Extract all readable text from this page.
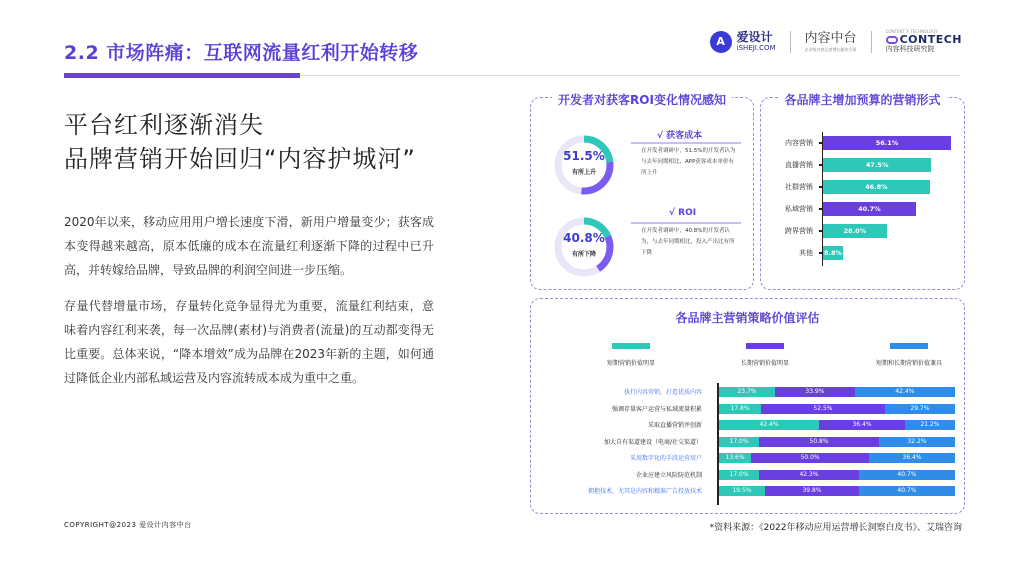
2.2 市场阵痛：互联网流量红利开始转移
A 爱设计
iSHEJI.COM
内容中台
企业级内容运营增长解决方案
CONTENT X TECHNOLOGY
CONTECH
内容科技研究院
平台红利逐渐消失
品牌营销开始回归“内容护城河”
2020年以来，移动应用用户增长速度下滑，新用户增量变少；获客成本变得越来越高，原本低廉的成本在流量红利逐渐下降的过程中已升高，并转嫁给品牌，导致品牌的利润空间进一步压缩。
存量代替增量市场，存量转化竞争显得尤为重要，流量红利结束，意味着内容红利来袭，每一次品牌(素材)与消费者(流量)的互动都变得无比重要。总体来说，“降本增效”成为品牌在2023年新的主题，如何通过降低企业内部私域运营及内容流转成本成为重中之重。
开发者对获客ROI变化情况感知
51.5%
有所上升
√ 获客成本
在开发者调研中，51.5%的开发者认为与去年同期相比，APP获客成本单价有所上升
40.8%
有所下降
√ ROI
在开发者调研中，40.8%的开发者认为，与去年同期相比，投入产出比有所下降
各品牌主增加预算的营销形式
内容营销	56.1%
直播营销	47.5%
社群营销	46.8%
私域营销	40.7%
跨界营销	28.0%
其他 8.8%
各品牌主营销策略价值评估
短期营销价值明显	长期营销价值明显	短期和长期营销价值兼具
执行内容营销，打造优质内容	23.7%	33.9%	42.4%
强调存量客户运营与私域流量积累	17.8%	52.5%	29.7%
采取直播营销并创新	42.4%	36.4%	21.2%
加大自有渠道建设（电商/社交渠道）	17.0%	50.8%	32.2%
采用数字化的手段运营用户	13.6%	50.0%	36.4%
企业应建立风险防范机制	17.0%	42.3%	40.7%
拥抱技术，尤其是内容和精准广告投放技术	19.5%	39.8%	40.7%
COPYRIGHT@2023 爱设计内容中台	*资料来源：《2022年移动应用运营增长洞察白皮书》、艾瑞咨询
